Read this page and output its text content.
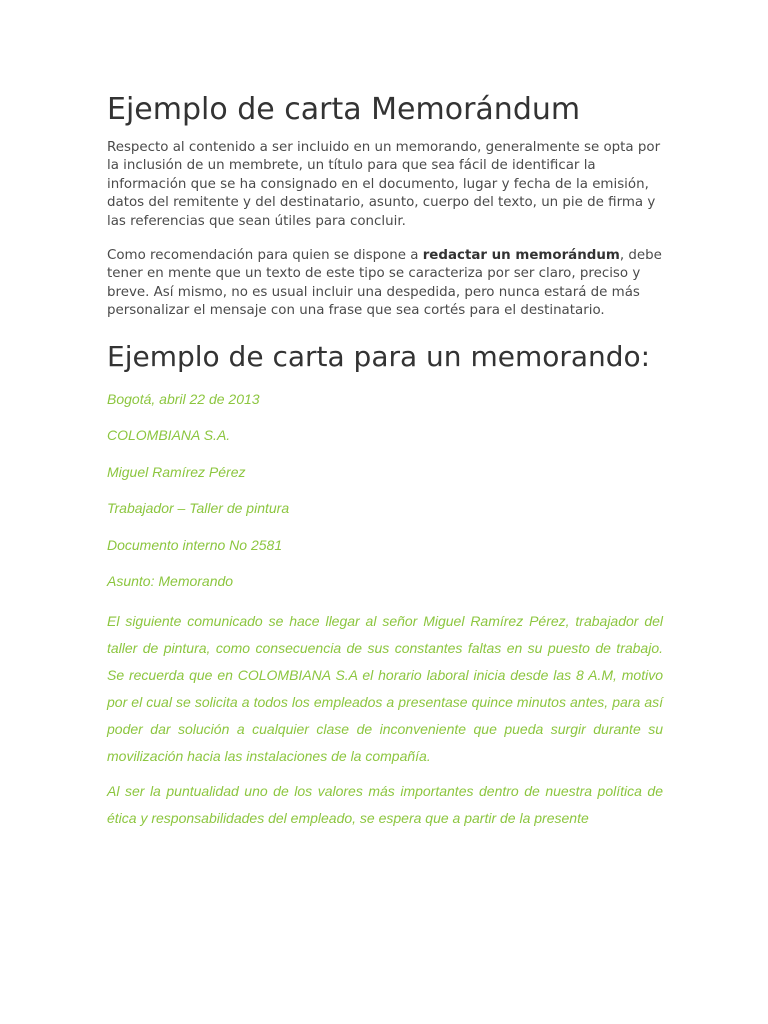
Ejemplo de carta Memorándum

Respecto al contenido a ser incluido en un memorando, generalmente se opta por la inclusión de un membrete, un título para que sea fácil de identificar la información que se ha consignado en el documento, lugar y fecha de la emisión, datos del remitente y del destinatario, asunto, cuerpo del texto, un pie de firma y las referencias que sean útiles para concluir.

Como recomendación para quien se dispone a redactar un memorándum, debe tener en mente que un texto de este tipo se caracteriza por ser claro, preciso y breve. Así mismo, no es usual incluir una despedida, pero nunca estará de más personalizar el mensaje con una frase que sea cortés para el destinatario.

Ejemplo de carta para un memorando:

Bogotá, abril 22 de 2013

COLOMBIANA S.A.

Miguel Ramírez Pérez

Trabajador – Taller de pintura

Documento interno No 2581

Asunto: Memorando

El siguiente comunicado se hace llegar al señor Miguel Ramírez Pérez, trabajador del taller de pintura, como consecuencia de sus constantes faltas en su puesto de trabajo. Se recuerda que en COLOMBIANA S.A el horario laboral inicia desde las 8 A.M, motivo por el cual se solicita a todos los empleados a presentase quince minutos antes, para así poder dar solución a cualquier clase de inconveniente que pueda surgir durante su movilización hacia las instalaciones de la compañía.

Al ser la puntualidad uno de los valores más importantes dentro de nuestra política de ética y responsabilidades del empleado, se espera que a partir de la presente
